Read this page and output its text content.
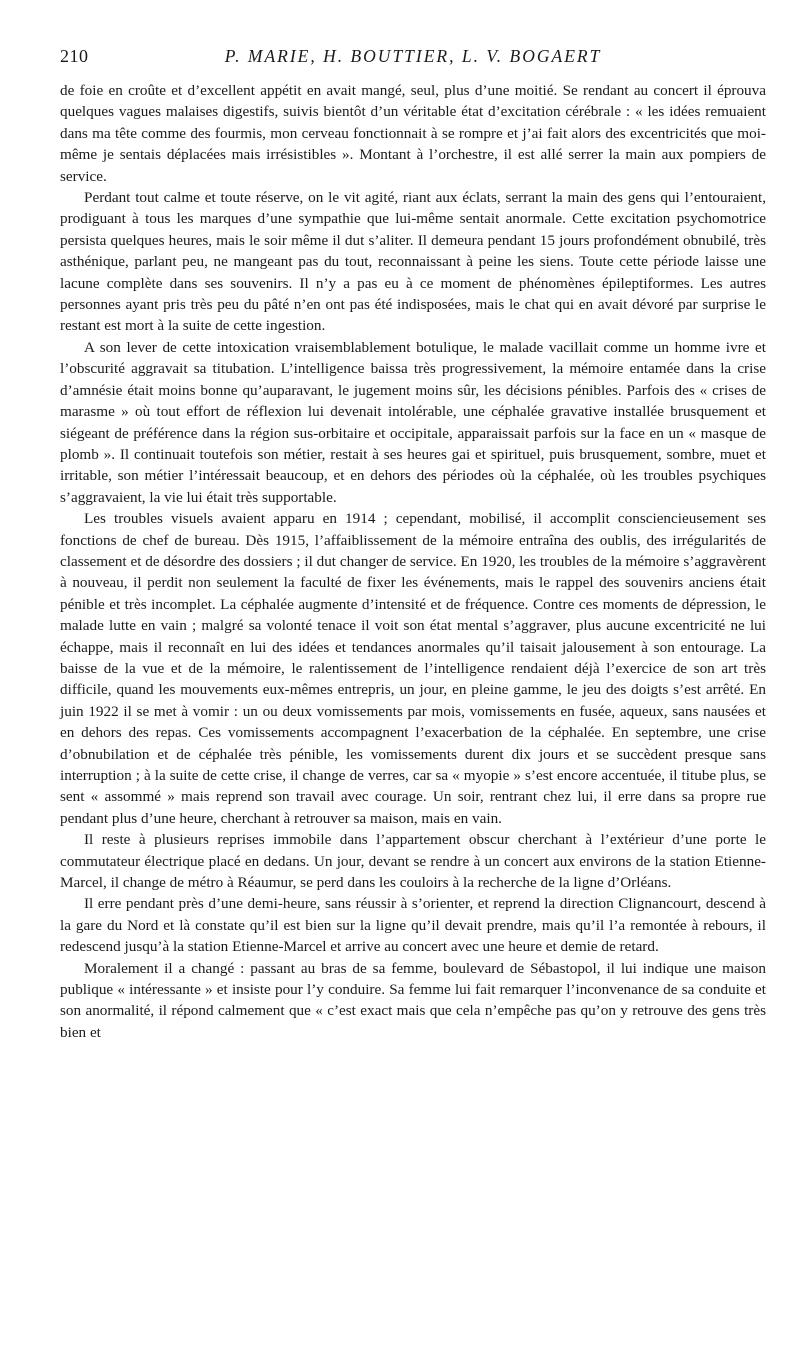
210	P. MARIE, H. BOUTTIER, L. V. BOGAERT

de foie en croûte et d’excellent appétit en avait mangé, seul, plus d’une moitié. Se rendant au concert il éprouva quelques vagues malaises digestifs, suivis bientôt d’un véritable état d’excitation cérébrale : « les idées remuaient dans ma tête comme des fourmis, mon cerveau fonctionnait à se rompre et j’ai fait alors des excentricités que moi-même je sentais déplacées mais irrésistibles ». Montant à l’orchestre, il est allé serrer la main aux pompiers de service.

Perdant tout calme et toute réserve, on le vit agité, riant aux éclats, serrant la main des gens qui l’entouraient, prodiguant à tous les marques d’une sympathie que lui-même sentait anormale. Cette excitation psychomotrice persista quelques heures, mais le soir même il dut s’aliter. Il demeura pendant 15 jours profondément obnubilé, très asthénique, parlant peu, ne mangeant pas du tout, reconnaissant à peine les siens. Toute cette période laisse une lacune complète dans ses souvenirs. Il n’y a pas eu à ce moment de phénomènes épileptiformes. Les autres personnes ayant pris très peu du pâté n’en ont pas été indisposées, mais le chat qui en avait dévoré par surprise le restant est mort à la suite de cette ingestion.

A son lever de cette intoxication vraisemblablement botulique, le malade vacillait comme un homme ivre et l’obscurité aggravait sa titubation. L’intelligence baissa très progressivement, la mémoire entamée dans la crise d’amnésie était moins bonne qu’auparavant, le jugement moins sûr, les décisions pénibles. Parfois des « crises de marasme » où tout effort de réflexion lui devenait intolérable, une céphalée gravative installée brusquement et siégeant de préférence dans la région sus-orbitaire et occipitale, apparaissait parfois sur la face en un « masque de plomb ». Il continuait toutefois son métier, restait à ses heures gai et spirituel, puis brusquement, sombre, muet et irritable, son métier l’intéressait beaucoup, et en dehors des périodes où la céphalée, où les troubles psychiques s’aggravaient, la vie lui était très supportable.

Les troubles visuels avaient apparu en 1914 ; cependant, mobilisé, il accomplit consciencieusement ses fonctions de chef de bureau. Dès 1915, l’affaiblissement de la mémoire entraîna des oublis, des irrégularités de classement et de désordre des dossiers ; il dut changer de service. En 1920, les troubles de la mémoire s’aggravèrent à nouveau, il perdit non seulement la faculté de fixer les événements, mais le rappel des souvenirs anciens était pénible et très incomplet. La céphalée augmente d’intensité et de fréquence. Contre ces moments de dépression, le malade lutte en vain ; malgré sa volonté tenace il voit son état mental s’aggraver, plus aucune excentricité ne lui échappe, mais il reconnaît en lui des idées et tendances anormales qu’il taisait jalousement à son entourage. La baisse de la vue et de la mémoire, le ralentissement de l’intelligence rendaient déjà l’exercice de son art très difficile, quand les mouvements eux-mêmes entrepris, un jour, en pleine gamme, le jeu des doigts s’est arrêté. En juin 1922 il se met à vomir : un ou deux vomissements par mois, vomissements en fusée, aqueux, sans nausées et en dehors des repas. Ces vomissements accompagnent l’exacerbation de la céphalée. En septembre, une crise d’obnubilation et de céphalée très pénible, les vomissements durent dix jours et se succèdent presque sans interruption ; à la suite de cette crise, il change de verres, car sa « myopie » s’est encore accentuée, il titube plus, se sent « assommé » mais reprend son travail avec courage. Un soir, rentrant chez lui, il erre dans sa propre rue pendant plus d’une heure, cherchant à retrouver sa maison, mais en vain.

Il reste à plusieurs reprises immobile dans l’appartement obscur cherchant à l’extérieur d’une porte le commutateur électrique placé en dedans. Un jour, devant se rendre à un concert aux environs de la station Etienne-Marcel, il change de métro à Réaumur, se perd dans les couloirs à la recherche de la ligne d’Orléans.

Il erre pendant près d’une demi-heure, sans réussir à s’orienter, et reprend la direction Clignancourt, descend à la gare du Nord et là constate qu’il est bien sur la ligne qu’il devait prendre, mais qu’il l’a remontée à rebours, il redescend jusqu’à la station Etienne-Marcel et arrive au concert avec une heure et demie de retard.

Moralement il a changé : passant au bras de sa femme, boulevard de Sébastopol, il lui indique une maison publique « intéressante » et insiste pour l’y conduire. Sa femme lui fait remarquer l’inconvenance de sa conduite et son anormalité, il répond calmement que « c’est exact mais que cela n’empêche pas qu’on y retrouve des gens très bien et
